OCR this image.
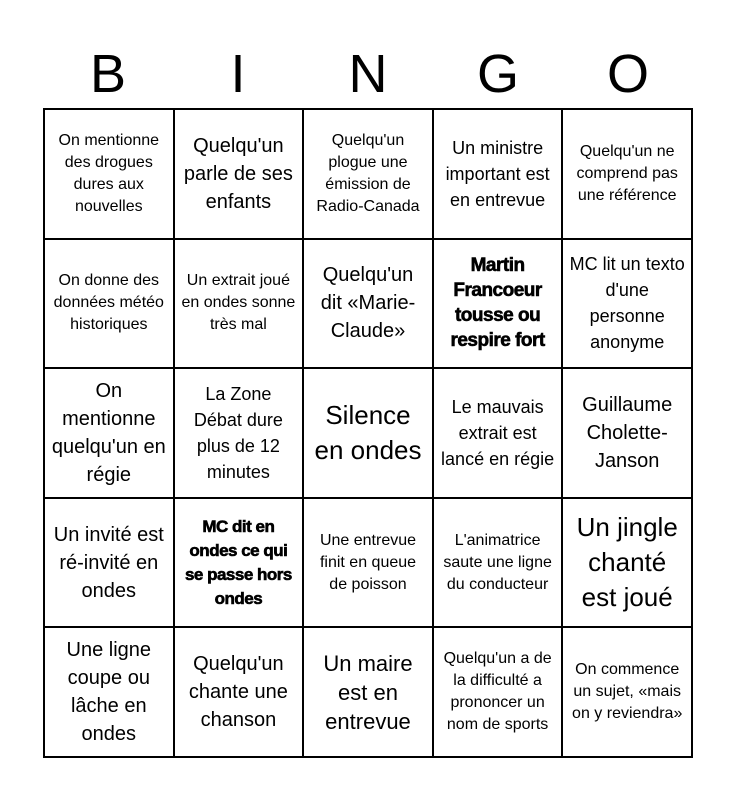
B	I	N	G	O
On mentionne des drogues dures aux nouvelles
Quelqu'un parle de ses enfants
Quelqu'un plogue une émission de Radio-Canada
Un ministre important est en entrevue
Quelqu'un ne comprend pas une référence
On donne des données météo historiques
Un extrait joué en ondes sonne très mal
Quelqu'un dit «Marie-Claude»
Martin Francoeur tousse ou respire fort
MC lit un texto d'une personne anonyme
On mentionne quelqu'un en régie
La Zone Débat dure plus de 12 minutes
Silence en ondes
Le mauvais extrait est lancé en régie
Guillaume Cholette-Janson
Un invité est ré-invité en ondes
MC dit en ondes ce qui se passe hors ondes
Une entrevue finit en queue de poisson
L'animatrice saute une ligne du conducteur
Un jingle chanté est joué
Une ligne coupe ou lâche en ondes
Quelqu'un chante une chanson
Un maire est en entrevue
Quelqu'un a de la difficulté a prononcer un nom de sports
On commence un sujet, «mais on y reviendra»
